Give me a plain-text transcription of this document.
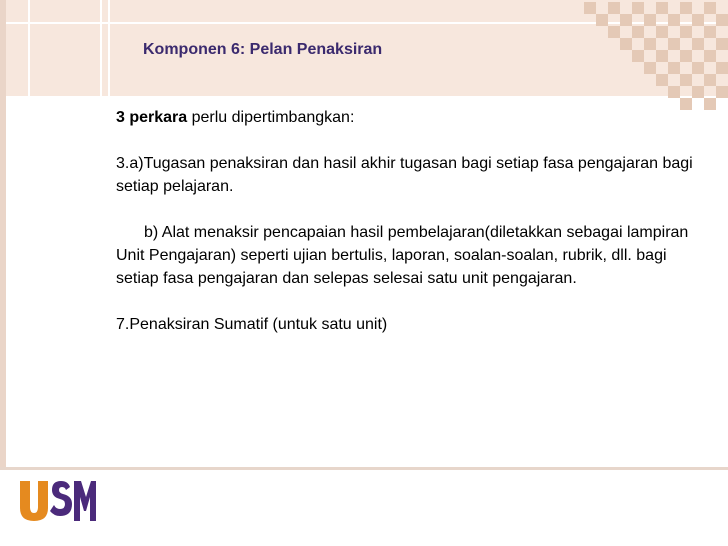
Komponen 6: Pelan Penaksiran

3 perkara perlu dipertimbangkan:

3.a)Tugasan penaksiran dan hasil akhir tugasan bagi setiap fasa pengajaran bagi setiap pelajaran.

b) Alat menaksir pencapaian hasil pembelajaran(diletakkan sebagai lampiran Unit Pengajaran) seperti ujian bertulis, laporan, soalan-soalan, rubrik, dll. bagi setiap fasa pengajaran dan selepas selesai satu unit pengajaran.

7.Penaksiran Sumatif (untuk satu unit)
